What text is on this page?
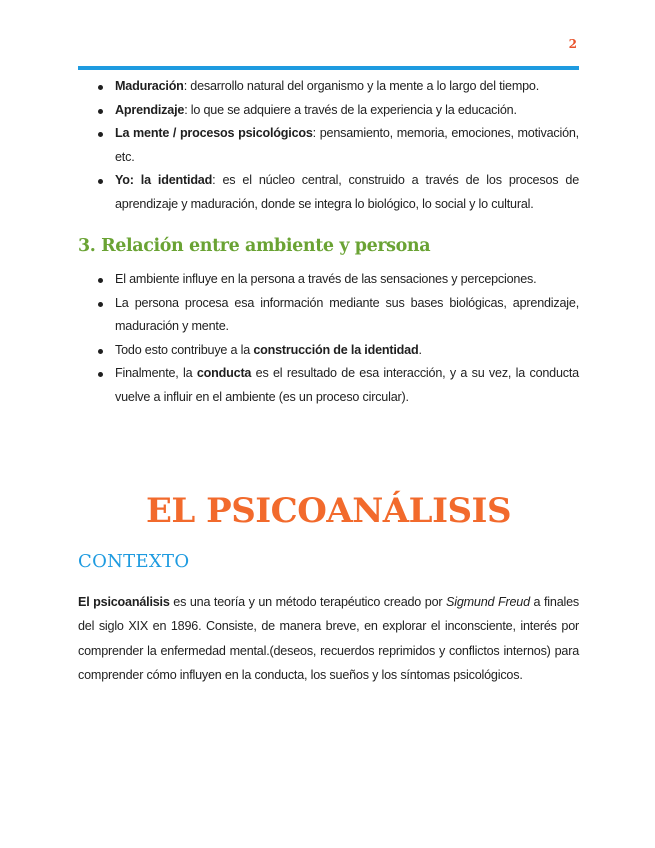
2
Maduración: desarrollo natural del organismo y la mente a lo largo del tiempo.
Aprendizaje: lo que se adquiere a través de la experiencia y la educación.
La mente / procesos psicológicos: pensamiento, memoria, emociones, motivación, etc.
Yo: la identidad: es el núcleo central, construido a través de los procesos de aprendizaje y maduración, donde se integra lo biológico, lo social y lo cultural.
3. Relación entre ambiente y persona
El ambiente influye en la persona a través de las sensaciones y percepciones.
La persona procesa esa información mediante sus bases biológicas, aprendizaje, maduración y mente.
Todo esto contribuye a la construcción de la identidad.
Finalmente, la conducta es el resultado de esa interacción, y a su vez, la conducta vuelve a influir en el ambiente (es un proceso circular).
EL PSICOANÁLISIS
CONTEXTO

El psicoanálisis es una teoría y un método terapéutico creado por Sigmund Freud a finales del siglo XIX en 1896. Consiste, de manera breve, en explorar el inconsciente, interés por comprender la enfermedad mental.(deseos, recuerdos reprimidos y conflictos internos) para comprender cómo influyen en la conducta, los sueños y los síntomas psicológicos.
